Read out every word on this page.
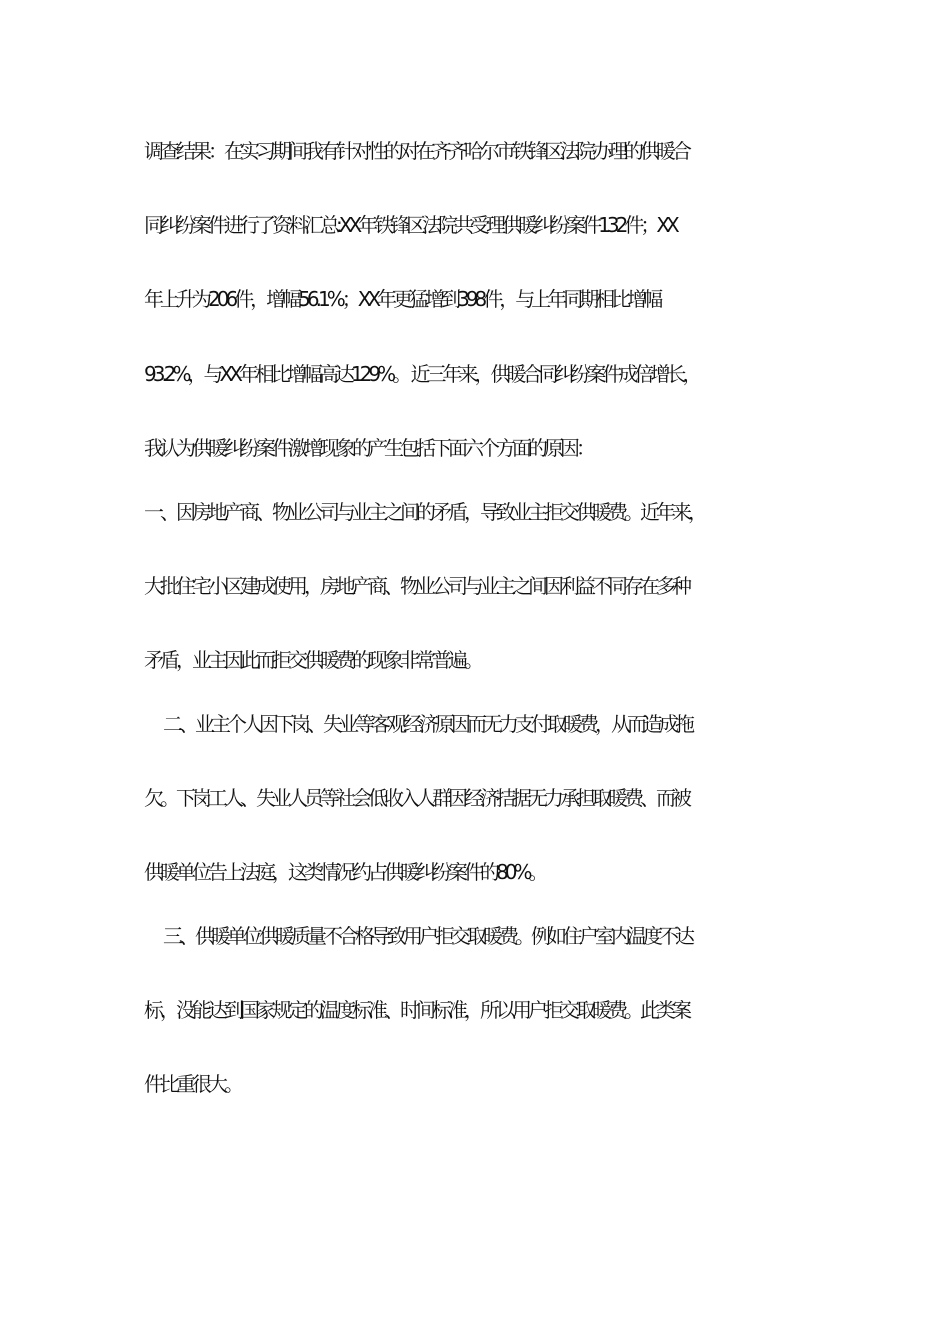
调查结果：在实习期间我有针对性的对在齐齐哈尔市铁锋区法院办理的供暖合
同纠纷案件进行了资料汇总:XX年铁锋区法院共受理供暖纠纷案件132件；XX
年上升为206件，增幅56.1%；XX年更猛增到398件，与上年同期相比增幅
93.2%，与XX年相比增幅高达129%。 近三年来，供暖合同纠纷案件成倍增长，
我认为供暖纠纷案件激增现象的产生包括下面六个方面的原因：
一、因房地产商、物业公司与业主之间的矛盾，导致业主拒交供暖费。近年来，
大批住宅小区建成使用，房地产商、物业公司与业主之间因利益不同存在多种
矛盾，业主因此而拒交供暖费的现象非常普遍。
二、业主个人因下岗、失业等客观经济原因而无力支付取暖费，从而造成拖
欠。下岗工人、失业人员等社会低收入人群因经济拮据无力承担取暖费、而被
供暖单位告上法庭，这类情况约占供暖纠纷案件的80%。
三、供暖单位供暖质量不合格导致用户拒交取暖费。例如住户室内温度不达
标，没能达到国家规定的温度标准、时间标准，所以用户拒交取暖费。此类案
件比重很大。
